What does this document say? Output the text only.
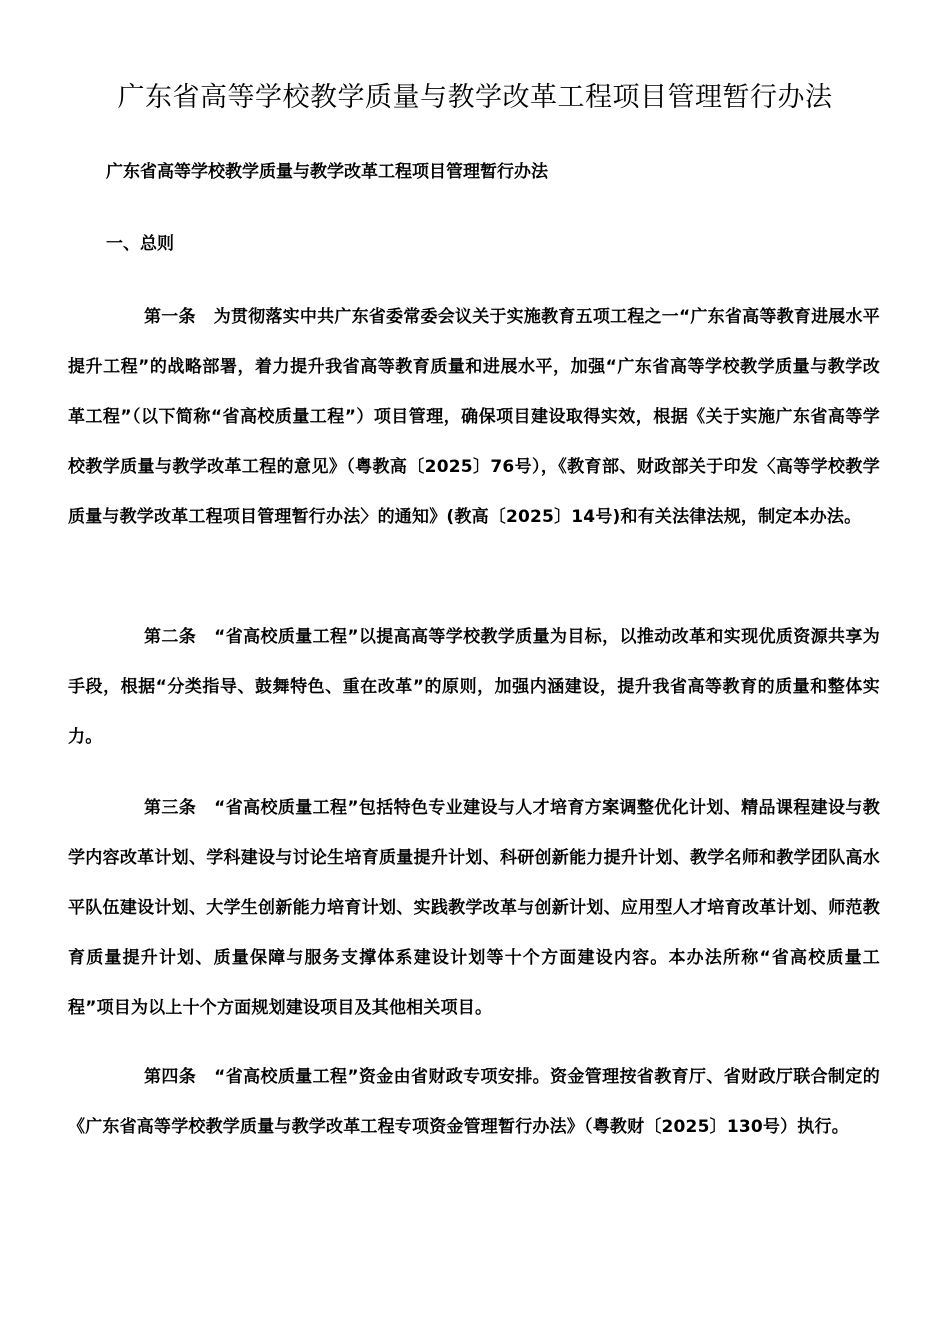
广东省高等学校教学质量与教学改革工程项目管理暂行办法
广东省高等学校教学质量与教学改革工程项目管理暂行办法
一、总则

第一条 为贯彻落实中共广东省委常委会议关于实施教育五项工程之一“广东省高等教育进展水平提升工程”的战略部署，着力提升我省高等教育质量和进展水平，加强“广东省高等学校教学质量与教学改革工程”（以下简称“省高校质量工程”）项目管理，确保项目建设取得实效，根据《关于实施广东省高等学校教学质量与教学改革工程的意见》（粤教高〔2025〕76号），《教育部、财政部关于印发〈高等学校教学质量与教学改革工程项目管理暂行办法〉的通知》(教高〔2025〕14号)和有关法律法规，制定本办法。

第二条 “省高校质量工程”以提高高等学校教学质量为目标，以推动改革和实现优质资源共享为手段，根据“分类指导、鼓舞特色、重在改革”的原则，加强内涵建设，提升我省高等教育的质量和整体实力。

第三条 “省高校质量工程”包括特色专业建设与人才培育方案调整优化计划、精品课程建设与教学内容改革计划、学科建设与讨论生培育质量提升计划、科研创新能力提升计划、教学名师和教学团队高水平队伍建设计划、大学生创新能力培育计划、实践教学改革与创新计划、应用型人才培育改革计划、师范教育质量提升计划、质量保障与服务支撑体系建设计划等十个方面建设内容。本办法所称“省高校质量工程”项目为以上十个方面规划建设项目及其他相关项目。

第四条 “省高校质量工程”资金由省财政专项安排。资金管理按省教育厅、省财政厅联合制定的《广东省高等学校教学质量与教学改革工程专项资金管理暂行办法》（粤教财〔2025〕130号）执行。
